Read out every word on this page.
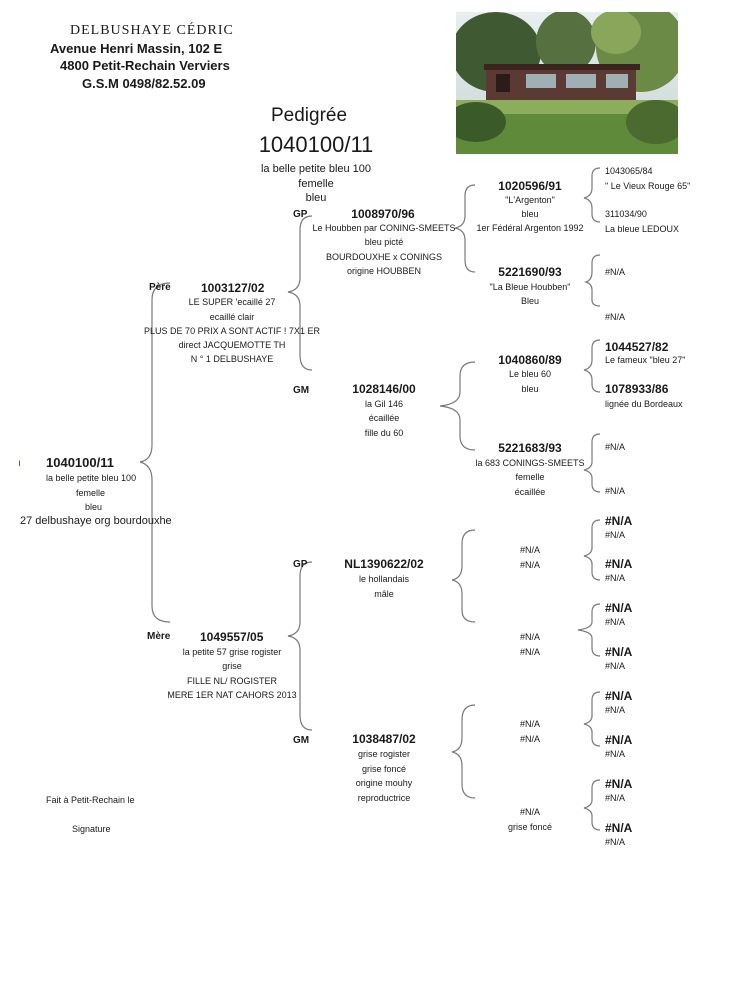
DELBUSHAYE CÉDRIC
Avenue Henri Massin, 102 E
4800 Petit-Rechain Verviers
G.S.M 0498/82.52.09
Pedigrée
1040100/11
la belle petite bleu 100
femelle
bleu
ı 1040100/11
la belle petite bleu 100
femelle
bleu
27 delbushaye org bourdouxhe
Père	1003127/02
LE SUPER 'ecaillé 27
ecaillé clair
PLUS DE 70 PRIX A SONT ACTIF ! 7X1 ER
direct JACQUEMOTTE TH
N ° 1 DELBUSHAYE
Mère 1049557/05
la petite 57 grise rogister
grise
FILLE NL/ ROGISTER
MERE 1ER NAT CAHORS 2013
GP	1008970/96
Le Houbben par CONING-SMEETS
bleu picté
BOURDOUXHE x CONINGS
origine HOUBBEN
GM	1028146/00
la Gil 146
écaillée
fille du 60
GP	NL1390622/02
le hollandais
mâle
GM	1038487/02
grise rogister
grise foncé
origine mouhy
reproductrice
1020596/91
"L'Argenton"
bleu
1er Fédéral Argenton 1992
5221690/93
"La Bleue Houbben"
Bleu
1040860/89
Le bleu 60
bleu
5221683/93
la 683 CONINGS-SMEETS
femelle
écaillée
#N/A
#N/A
#N/A
#N/A
#N/A
#N/A
#N/A
grise foncé
1043065/84
" Le Vieux Rouge 65"
311034/90
La bleue LEDOUX
#N/A
#N/A
1044527/82
Le fameux "bleu 27"
1078933/86
lignée du Bordeaux
#N/A
#N/A
#N/A
#N/A
#N/A
#N/A
#N/A
#N/A
#N/A
#N/A
#N/A
#N/A
#N/A
#N/A
#N/A
#N/A
#N/A
#N/A
Fait à Petit-Rechain le
Signature
